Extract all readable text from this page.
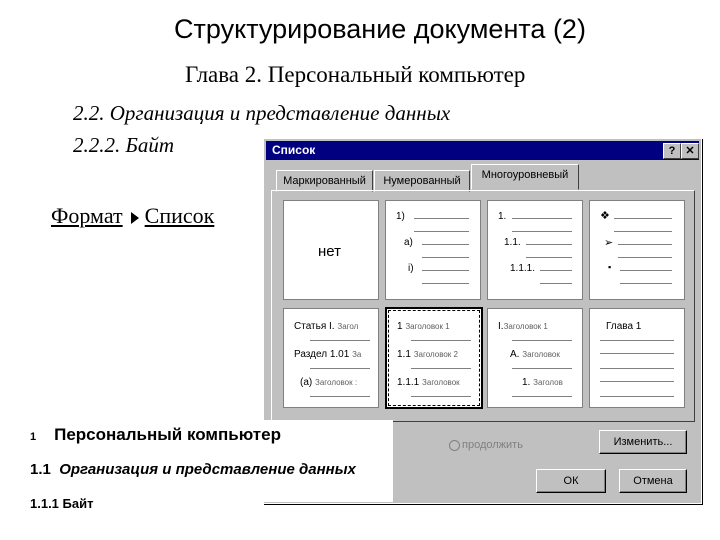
Структурирование документа (2)
Глава 2. Персональный компьютер
2.2. Организация и представление данных
2.2.2. Байт
Формат Список
Список	? ✕
Маркированный	Нумерованный	Многоуровневый
нет
1)
a)
i)
1.
1.1.
1.1.1.
❖
➢
▪
Статья I. Загол
Раздел 1.01 За
(а) Заголовок :
1 Заголовок 1
1.1 Заголовок 2
1.1.1 Заголовок
I.Заголовок 1
А. Заголовок
1. Заголов
Глава 1
продолжить	Изменить...
ОК	Отмена
1 Персональный компьютер
1.1 Организация и представление данных
1.1.1 Байт
